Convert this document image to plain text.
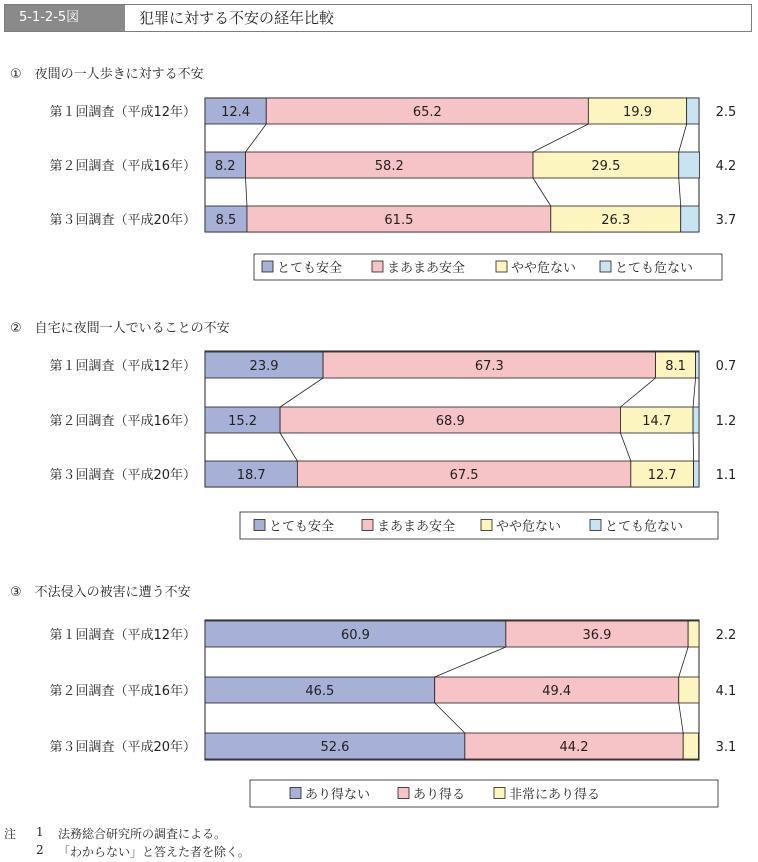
5-1-2-5図	犯罪に対する不安の経年比較
①　夜間の一人歩きに対する不安
第１回調査（平成12年） 12.4	65.2	19.9	2.5
第２回調査（平成16年） 8.2	58.2	29.5	4.2
第３回調査（平成20年） 8.5	61.5	26.3	3.7
とても安全	まあまあ安全	やや危ない	とても危ない
②　自宅に夜間一人でいることの不安
第１回調査（平成12年）	23.9	67.3	8.1 0.7
第２回調査（平成16年） 15.2	68.9	14.7	1.2
第３回調査（平成20年）	18.7	67.5	12.7	1.1
とても安全	まあまあ安全	やや危ない	とても危ない
③　不法侵入の被害に遭う不安
第１回調査（平成12年）	60.9	36.9	2.2
第２回調査（平成16年）	46.5	49.4	4.1
第３回調査（平成20年）	52.6	44.2	3.1
あり得ない	あり得る	非常にあり得る
注 1 法務総合研究所の調査による。
2 「わからない」と答えた者を除く。
